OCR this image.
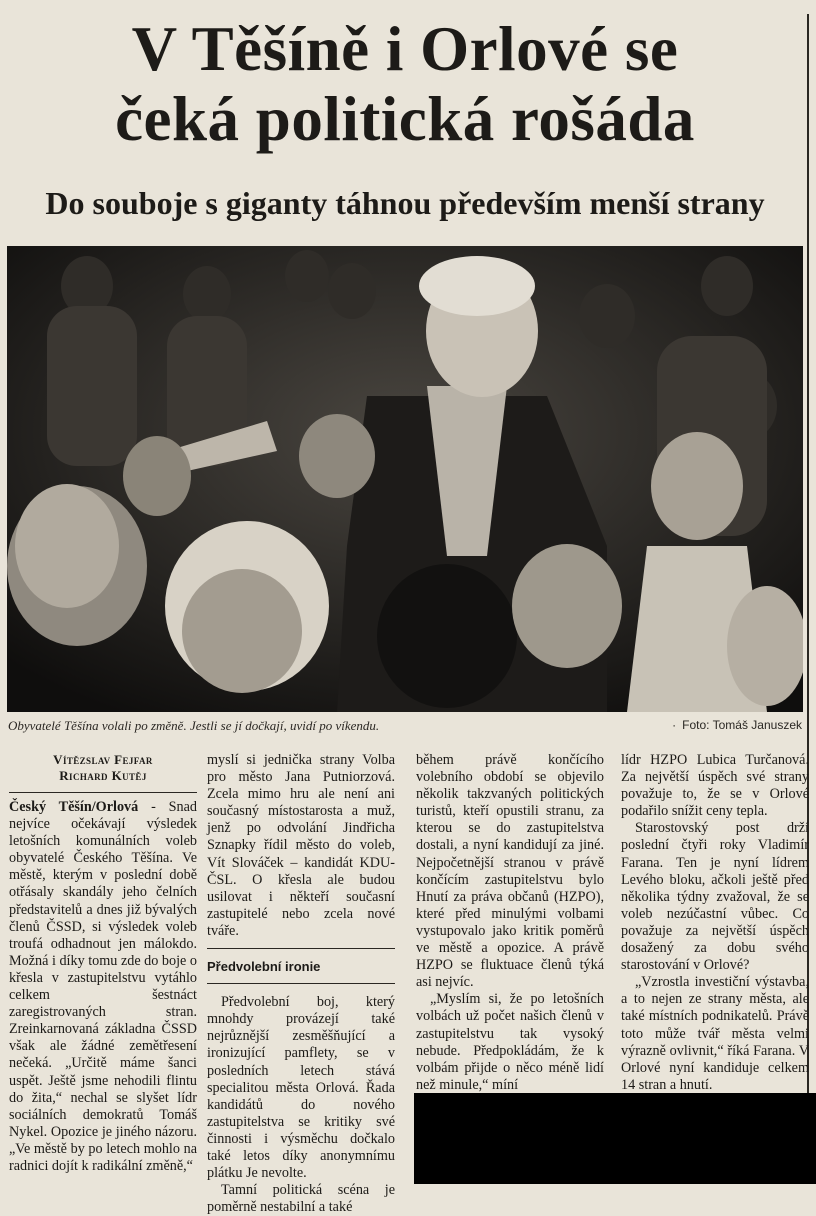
V Těšíně i Orlové se
čeká politická rošáda
Do souboje s giganty táhnou především menší strany
Obyvatelé Těšína volali po změně. Jestli se jí dočkají, uvidí po víkendu.	· Foto: Tomáš Januszek
Vítězslav Fejfar
Richard Kutěj

Český Těšín/Orlová - Snad nejvíce očekávají výsledek letošních komunálních voleb obyvatelé Českého Těšína. Ve městě, kterým v poslední době otřásaly skandály jeho čelních představitelů a dnes již bývalých členů ČSSD, si výsledek voleb troufá odhadnout jen málokdo. Možná i díky tomu zde do boje o křesla v zastupitelstvu vytáhlo celkem šestnáct zaregistrovaných stran. Zreinkarnovaná základna ČSSD však ale žádné zemětřesení nečeká. „Určitě máme šanci uspět. Ještě jsme nehodili flintu do žita,“ nechal se slyšet lídr sociálních demokratů Tomáš Nykel. Opozice je jiného názoru. „Ve městě by po letech mohlo na radnici dojít k radikální změně,“

myslí si jednička strany Volba pro město Jana Putniorzová. Zcela mimo hru ale není ani současný místostarosta a muž, jenž po odvolání Jindřicha Sznapky řídil město do voleb, Vít Slováček – kandidát KDU-ČSL. O křesla ale budou usilovat i někteří současní zastupitelé nebo zcela nové tváře.

Předvolební ironie

Předvolební boj, který mnohdy provázejí také nejrůznější zesměšňující a ironizující pamflety, se v posledních letech stává specialitou města Orlová. Řada kandidátů do nového zastupitelstva se kritiky své činnosti i výsměchu dočkalo také letos díky anonymnímu plátku Je nevolte.

Tamní politická scéna je poměrně nestabilní a také

během právě končícího volebního období se objevilo několik takzvaných politických turistů, kteří opustili stranu, za kterou se do zastupitelstva dostali, a nyní kandidují za jiné. Nejpočetnější stranou v právě končícím zastupitelstvu bylo Hnutí za práva občanů (HZPO), které před minulými volbami vystupovalo jako kritik poměrů ve městě a opozice. A právě HZPO se fluktuace členů týká asi nejvíc.

„Myslím si, že po letošních volbách už počet našich členů v zastupitelstvu tak vysoký nebude. Předpokládám, že k volbám přijde o něco méně lidí než minule,“ míní

lídr HZPO Lubica Turčanová. Za největší úspěch své strany považuje to, že se v Orlové podařilo snížit ceny tepla.

Starostovský post drží poslední čtyři roky Vladimír Farana. Ten je nyní lídrem Levého bloku, ačkoli ještě před několika týdny zvažoval, že se voleb nezúčastní vůbec. Co považuje za největší úspěch dosažený za dobu svého starostování v Orlové?

„Vzrostla investiční výstavba, a to nejen ze strany města, ale také místních podnikatelů. Právě toto může tvář města velmi výrazně ovlivnit,“ říká Farana. V Orlové nyní kandiduje celkem 14 stran a hnutí.
